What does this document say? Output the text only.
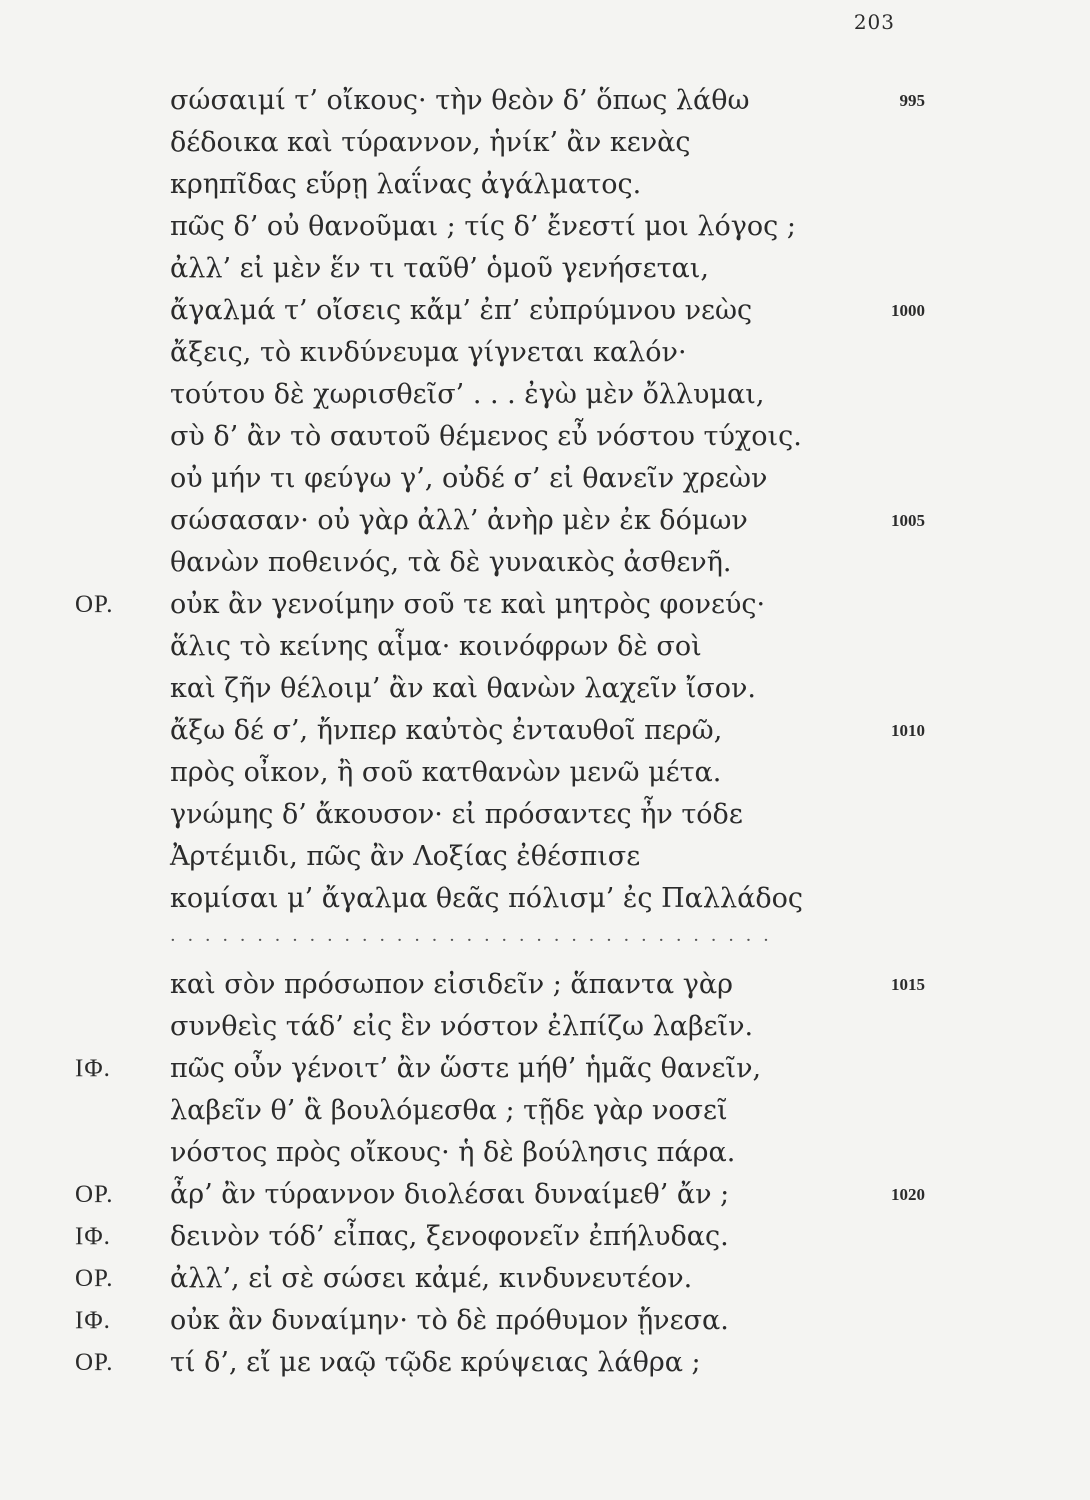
203
σώσαιμί τ’ οἴκους· τὴν θεὸν δ’ ὅπως λάθω	995
δέδοικα καὶ τύραννον, ἡνίκ’ ἂν κενὰς
κρηπῖδας εὕρῃ λαΐνας ἀγάλματος.
πῶς δ’ οὐ θανοῦμαι ; τίς δ’ ἔνεστί μοι λόγος ;
ἀλλ’ εἰ μὲν ἕν τι ταῦθ’ ὁμοῦ γενήσεται,
ἄγαλμά τ’ οἴσεις κἄμ’ ἐπ’ εὐπρύμνου νεὼς	1000
ἄξεις, τὸ κινδύνευμα γίγνεται καλόν·
τούτου δὲ χωρισθεῖσ’ . . . ἐγὼ μὲν ὄλλυμαι,
σὺ δ’ ἂν τὸ σαυτοῦ θέμενος εὖ νόστου τύχοις.
οὐ μήν τι φεύγω γ’, οὐδέ σ’ εἰ θανεῖν χρεὼν
σώσασαν· οὐ γὰρ ἀλλ’ ἀνὴρ μὲν ἐκ δόμων	1005
θανὼν ποθεινός, τὰ δὲ γυναικὸς ἀσθενῆ.
ΟΡ.	οὐκ ἂν γενοίμην σοῦ τε καὶ μητρὸς φονεύς·
ἅλις τὸ κείνης αἷμα· κοινόφρων δὲ σοὶ
καὶ ζῆν θέλοιμ’ ἂν καὶ θανὼν λαχεῖν ἴσον.
ἄξω δέ σ’, ἤνπερ καὐτὸς ἐνταυθοῖ περῶ,	1010
πρὸς οἶκον, ἢ σοῦ κατθανὼν μενῶ μέτα.
γνώμης δ’ ἄκουσον· εἰ πρόσαντες ἦν τόδε
Ἀρτέμιδι, πῶς ἂν Λοξίας ἐθέσπισε
κομίσαι μ’ ἄγαλμα θεᾶς πόλισμ’ ἐς Παλλάδος
· · · · · · · · · · · · · · · · · · · · · · · · · · · · · · · · · · ·
καὶ σὸν πρόσωπον εἰσιδεῖν ; ἅπαντα γὰρ	1015
συνθεὶς τάδ’ εἰς ἓν νόστον ἐλπίζω λαβεῖν.
ΙΦ.	πῶς οὖν γένοιτ’ ἂν ὥστε μήθ’ ἡμᾶς θανεῖν,
λαβεῖν θ’ ἃ βουλόμεσθα ; τῇδε γὰρ νοσεῖ
νόστος πρὸς οἴκους· ἡ δὲ βούλησις πάρα.
ΟΡ.	ἆρ’ ἂν τύραννον διολέσαι δυναίμεθ’ ἄν ;	1020
ΙΦ.	δεινὸν τόδ’ εἶπας, ξενοφονεῖν ἐπήλυδας.
ΟΡ.	ἀλλ’, εἰ σὲ σώσει κἀμέ, κινδυνευτέον.
ΙΦ.	οὐκ ἂν δυναίμην· τὸ δὲ πρόθυμον ᾔνεσα.
ΟΡ.	τί δ’, εἴ με ναῷ τῷδε κρύψειας λάθρα ;
